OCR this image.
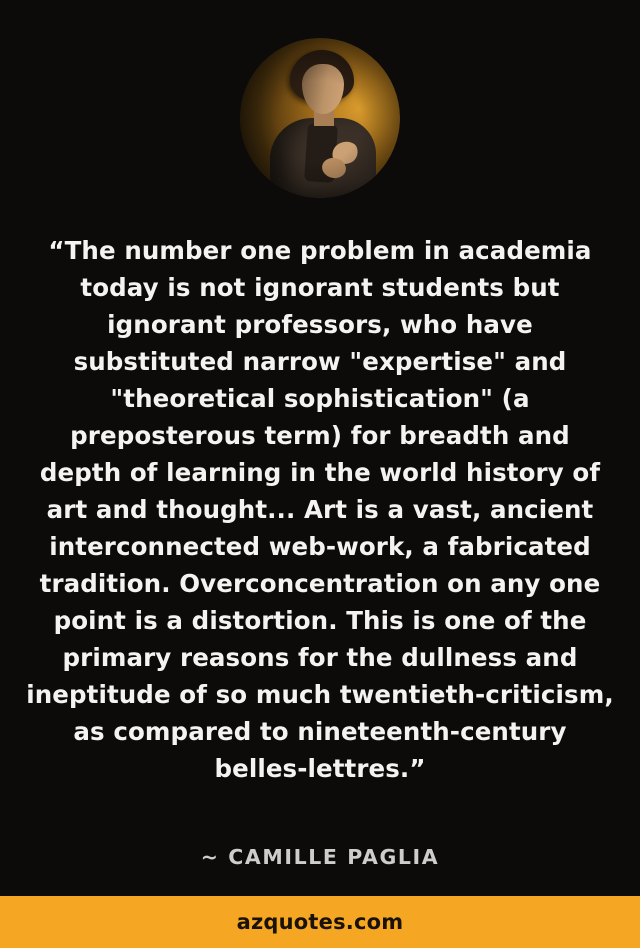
“The number one problem in academia today is not ignorant students but ignorant professors, who have substituted narrow "expertise" and "theoretical sophistication" (a preposterous term) for breadth and depth of learning in the world history of art and thought... Art is a vast, ancient interconnected web-work, a fabricated tradition. Overconcentration on any one point is a distortion. This is one of the primary reasons for the dullness and ineptitude of so much twentieth-criticism, as compared to nineteenth-century belles-lettres.”
~ CAMILLE PAGLIA
azquotes.com
